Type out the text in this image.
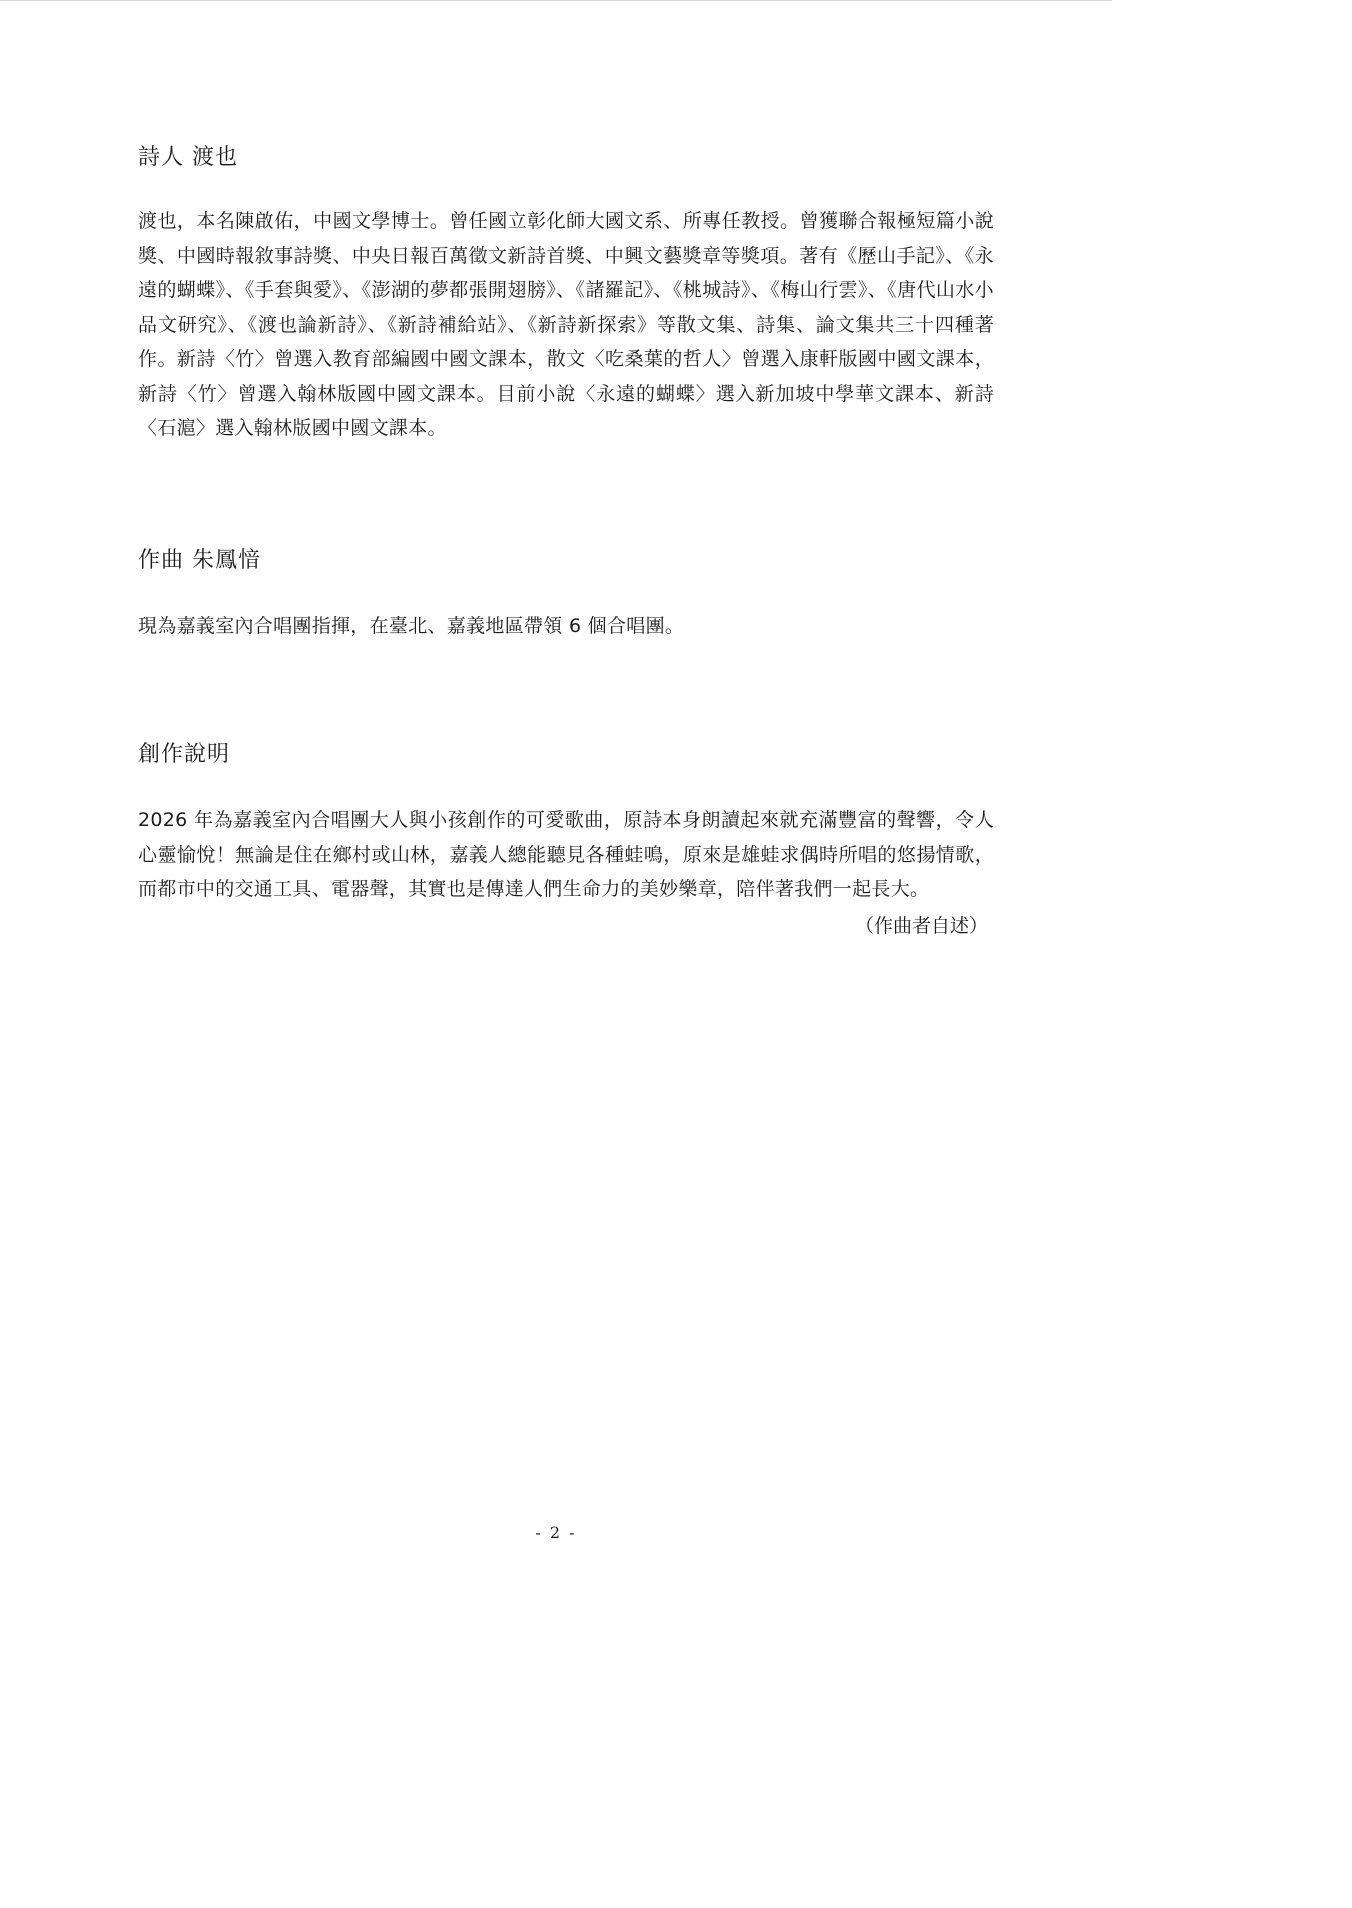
詩人 渡也

渡也，本名陳啟佑，中國文學博士。曾任國立彰化師大國文系、所專任教授。曾獲聯合報極短篇小說獎、中國時報敘事詩獎、中央日報百萬徵文新詩首獎、中興文藝獎章等獎項。著有《歷山手記》、《永遠的蝴蝶》、《手套與愛》、《澎湖的夢都張開翅膀》、《諸羅記》、《桃城詩》、《梅山行雲》、《唐代山水小品文研究》、《渡也論新詩》、《新詩補給站》、《新詩新探索》等散文集、詩集、論文集共三十四種著作。新詩〈竹〉曾選入教育部編國中國文課本，散文〈吃桑葉的哲人〉曾選入康軒版國中國文課本，新詩〈竹〉曾選入翰林版國中國文課本。目前小說〈永遠的蝴蝶〉選入新加坡中學華文課本、新詩〈石滬〉選入翰林版國中國文課本。

作曲 朱鳳愔

現為嘉義室內合唱團指揮，在臺北、嘉義地區帶領 6 個合唱團。

創作說明

2026 年為嘉義室內合唱團大人與小孩創作的可愛歌曲，原詩本身朗讀起來就充滿豐富的聲響，令人心靈愉悅！無論是住在鄉村或山林，嘉義人總能聽見各種蛙鳴，原來是雄蛙求偶時所唱的悠揚情歌，而都市中的交通工具、電器聲，其實也是傳達人們生命力的美妙樂章，陪伴著我們一起長大。

（作曲者自述）

- 2 -
